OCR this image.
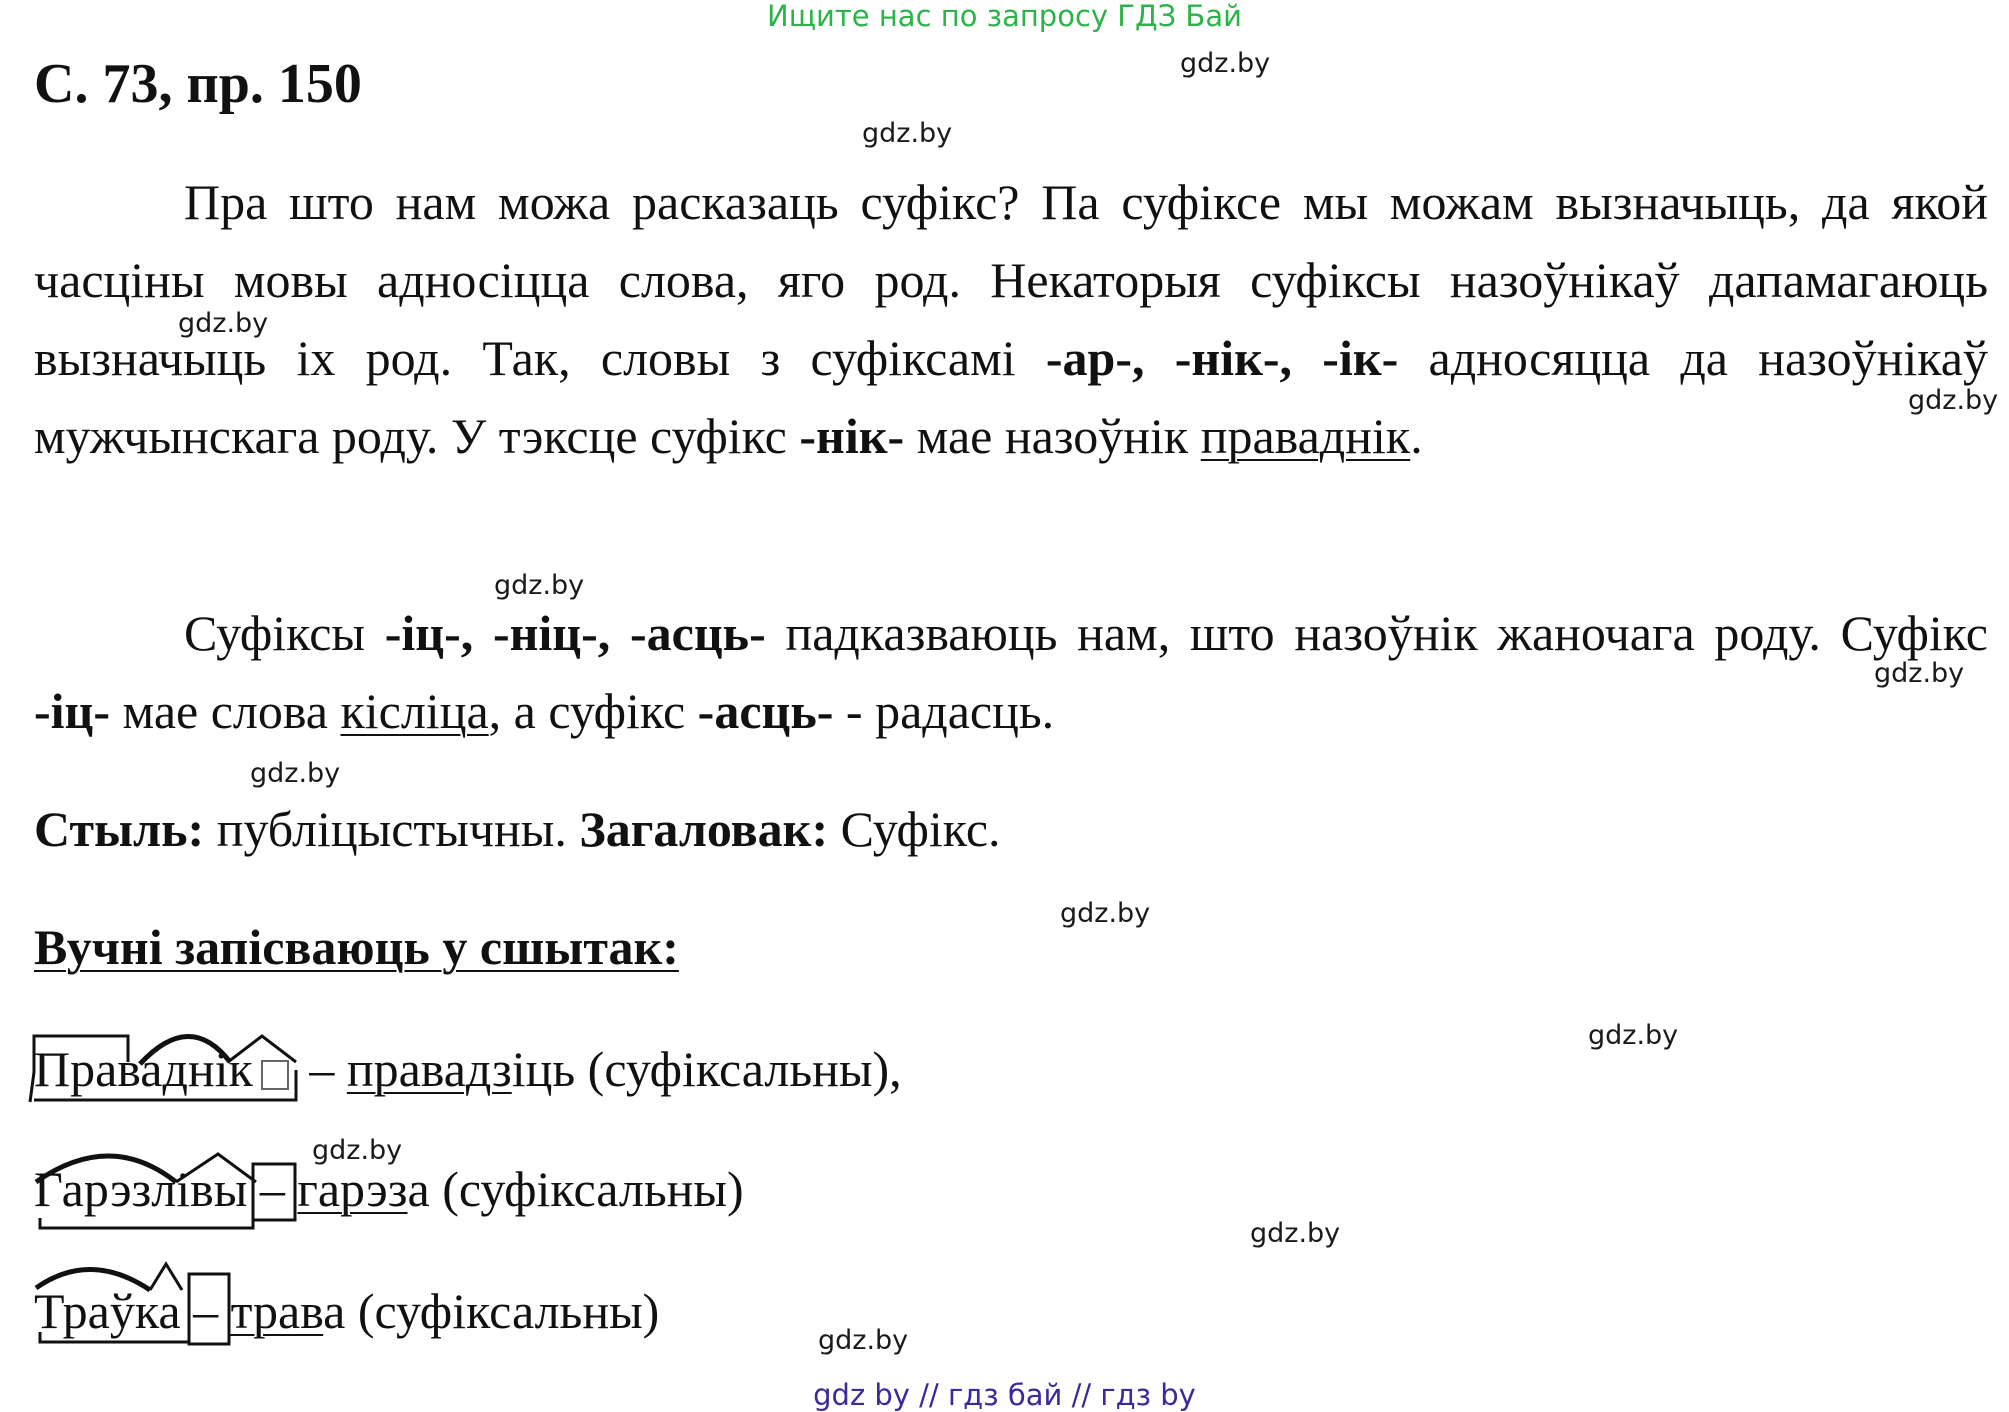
Ищите нас по запросу ГДЗ Бай
С. 73, пр. 150	gdz.by
gdz.by
gdz.by
gdz.by
gdz.by
gdz.by
gdz.by
gdz.by
gdz.by
gdz.by
gdz.by
gdz.by

Пра што нам можа расказаць суфікс? Па суфіксе мы можам вызначыць, да якой часціны мовы адносіцца слова, яго род. Некаторыя суфіксы назоўнікаў дапамагаюць вызначыць іх род. Так, словы з суфіксамі -ар-, -нік-, -ік- адносяцца да назоўнікаў мужчынскага роду. У тэксце суфікс -нік- мае назоўнік праваднік.

Суфіксы -іц-, -ніц-, -асць- падказваюць нам, што назоўнік жаночага роду. Суфікс -іц- мае слова кісліца, а суфікс -асць- - радасць.

Стыль: публіцыстычны. Загаловак: Суфікс.
Вучні запісваюць у сшытак:
Праваднік – правадзіць (суфіксальны),
Гарэзлівы – гарэза (суфіксальны)
Траўка – трава (суфіксальны)
gdz by // гдз бай // гдз by
